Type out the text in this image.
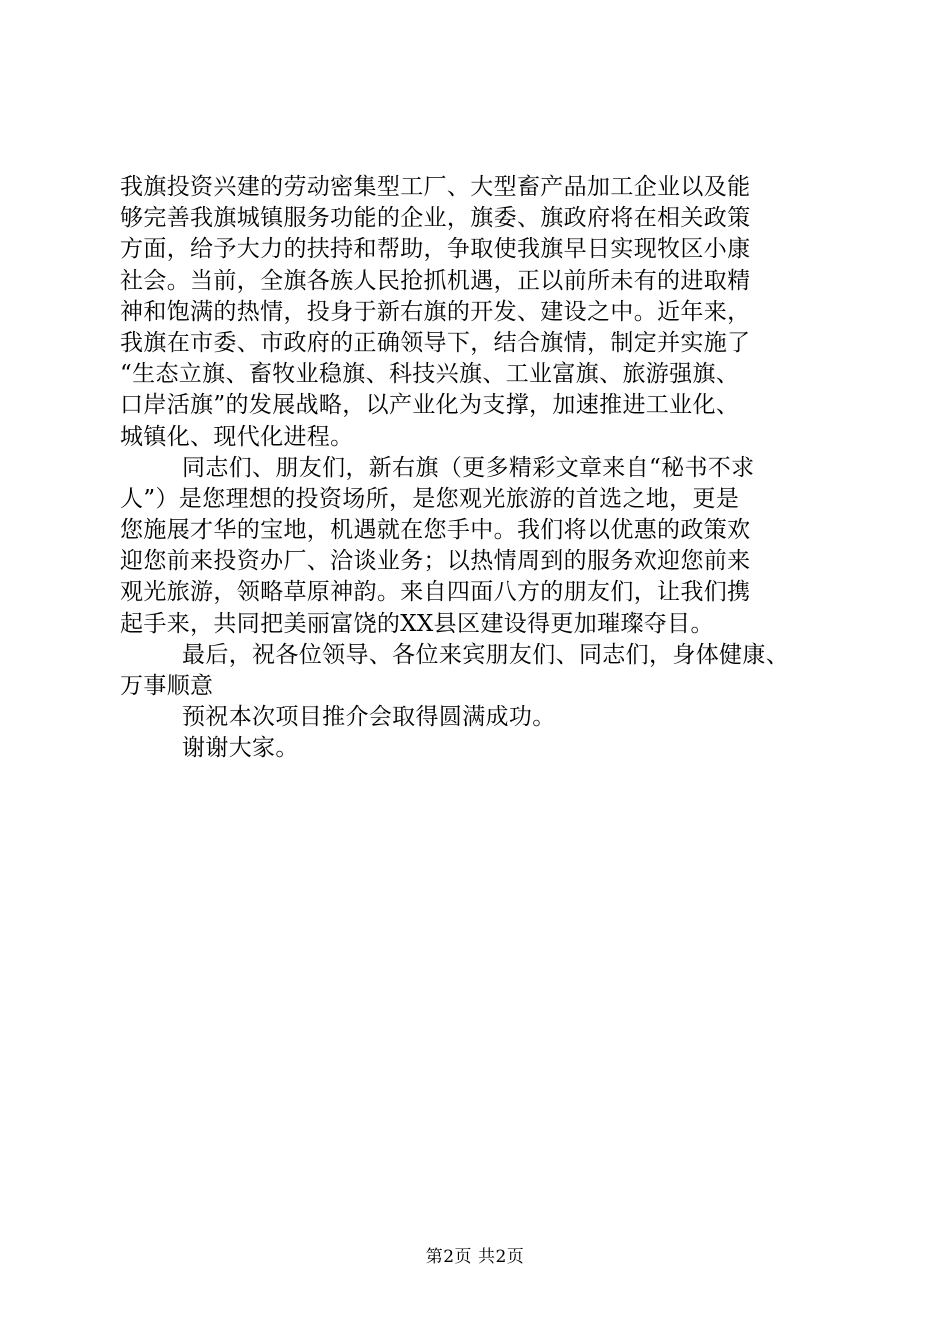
我旗投资兴建的劳动密集型工厂、大型畜产品加工企业以及能
够完善我旗城镇服务功能的企业，旗委、旗政府将在相关政策
方面，给予大力的扶持和帮助，争取使我旗早日实现牧区小康
社会。当前，全旗各族人民抢抓机遇，正以前所未有的进取精
神和饱满的热情，投身于新右旗的开发、建设之中。近年来，
我旗在市委、市政府的正确领导下，结合旗情，制定并实施了
“生态立旗、畜牧业稳旗、科技兴旗、工业富旗、旅游强旗、
口岸活旗”的发展战略，以产业化为支撑，加速推进工业化、
城镇化、现代化进程。
同志们、朋友们，新右旗（更多精彩文章来自“秘书不求
人”）是您理想的投资场所，是您观光旅游的首选之地，更是
您施展才华的宝地，机遇就在您手中。我们将以优惠的政策欢
迎您前来投资办厂、洽谈业务；以热情周到的服务欢迎您前来
观光旅游，领略草原神韵。来自四面八方的朋友们，让我们携
起手来，共同把美丽富饶的XX县区建设得更加璀璨夺目。
最后，祝各位领导、各位来宾朋友们、同志们，身体健康、
万事顺意
预祝本次项目推介会取得圆满成功。
谢谢大家。
第2页 共2页
